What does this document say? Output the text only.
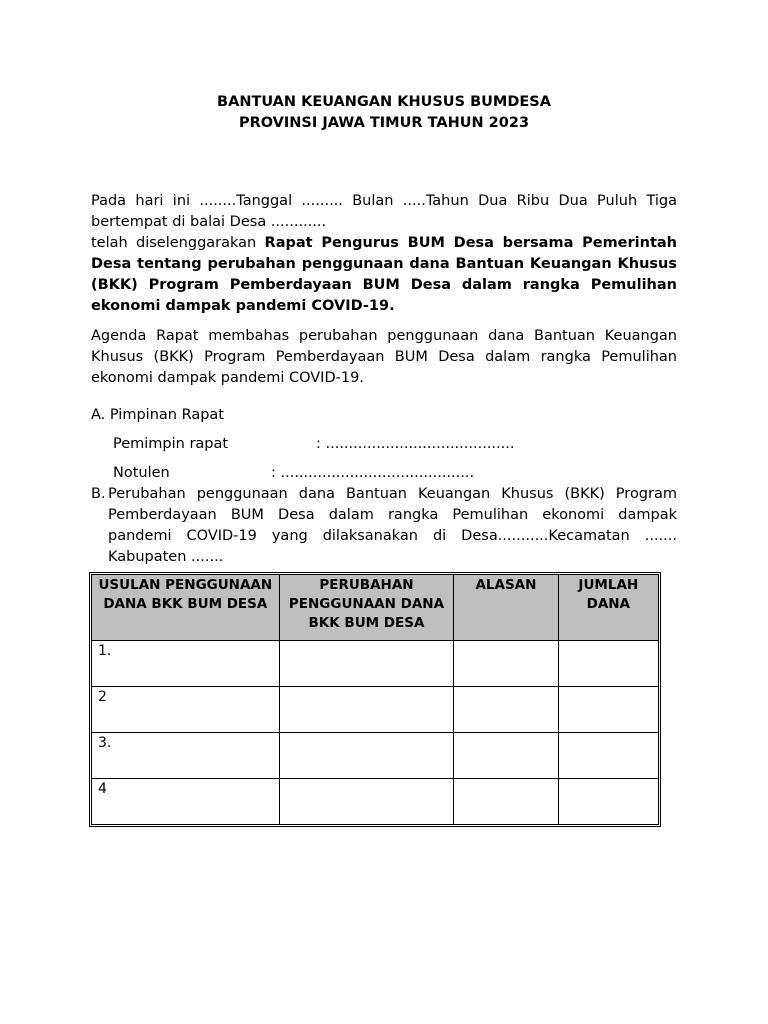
BANTUAN KEUANGAN KHUSUS BUMDESA
PROVINSI JAWA TIMUR TAHUN 2023
Pada hari ini ........Tanggal ......... Bulan .....Tahun Dua Ribu Dua Puluh Tiga bertempat di balai Desa ............
telah diselenggarakan Rapat Pengurus BUM Desa bersama Pemerintah Desa tentang perubahan penggunaan dana Bantuan Keuangan Khusus (BKK) Program Pemberdayaan BUM Desa dalam rangka Pemulihan ekonomi dampak pandemi COVID-19.
Agenda Rapat membahas perubahan penggunaan dana Bantuan Keuangan Khusus (BKK) Program Pemberdayaan BUM Desa dalam rangka Pemulihan ekonomi dampak pandemi COVID-19.
A. Pimpinan Rapat
Pemimpin rapat	: .........................................
Notulen	: ..........................................
B. Perubahan penggunaan dana Bantuan Keuangan Khusus (BKK) Program Pemberdayaan BUM Desa dalam rangka Pemulihan ekonomi dampak pandemi COVID-19 yang dilaksanakan di Desa...........Kecamatan ....... Kabupaten .......
USULAN PENGGUNAAN DANA BKK BUM DESA	PERUBAHAN PENGGUNAAN DANA BKK BUM DESA	ALASAN	JUMLAH DANA
1.			
2			
3.			
4			
